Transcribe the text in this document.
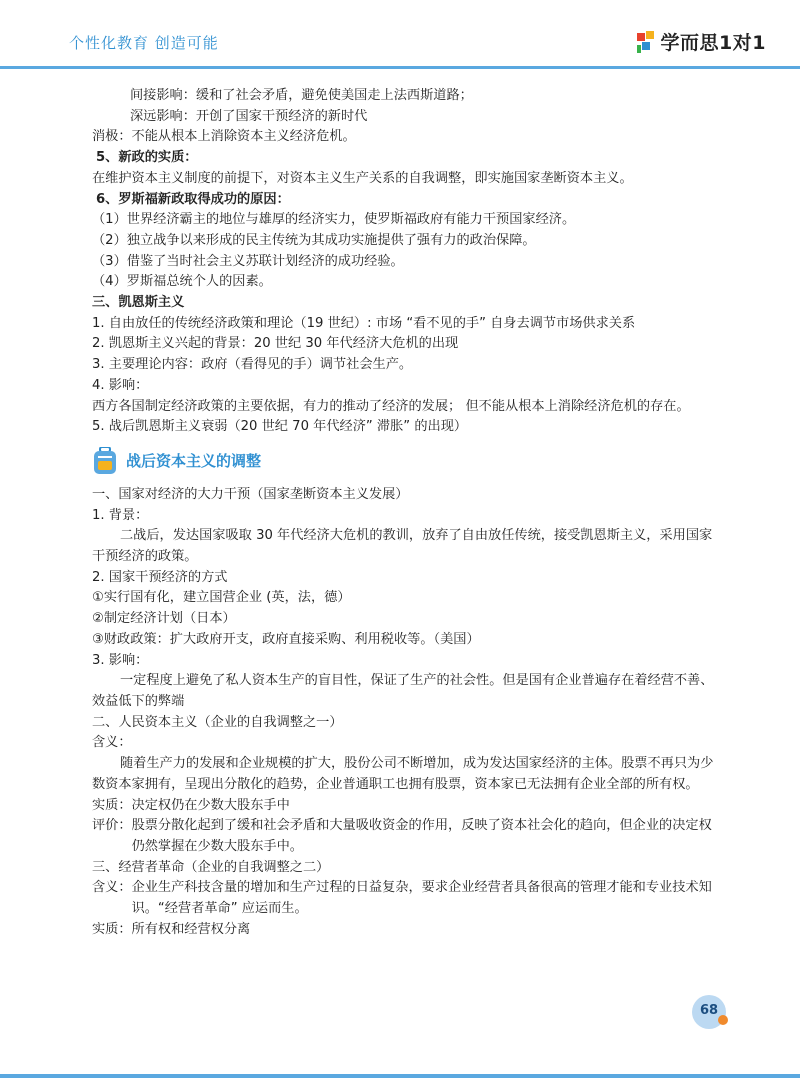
个性化教育 创造可能	学而思1对1

间接影响：缓和了社会矛盾，避免使美国走上法西斯道路；

深远影响：开创了国家干预经济的新时代

消极：不能从根本上消除资本主义经济危机。

5、新政的实质：

在维护资本主义制度的前提下，对资本主义生产关系的自我调整，即实施国家垄断资本主义。

6、罗斯福新政取得成功的原因：

（1）世界经济霸主的地位与雄厚的经济实力，使罗斯福政府有能力干预国家经济。

（2）独立战争以来形成的民主传统为其成功实施提供了强有力的政治保障。

（3）借鉴了当时社会主义苏联计划经济的成功经验。

（4）罗斯福总统个人的因素。

三、凯恩斯主义

1. 自由放任的传统经济政策和理论（19 世纪）: 市场 “看不见的手” 自身去调节市场供求关系

2. 凯恩斯主义兴起的背景：20 世纪 30 年代经济大危机的出现

3. 主要理论内容：政府（看得见的手）调节社会生产。

4. 影响：

西方各国制定经济政策的主要依据，有力的推动了经济的发展； 但不能从根本上消除经济危机的存在。

5. 战后凯恩斯主义衰弱（20 世纪 70 年代经济” 滞胀” 的出现）

战后资本主义的调整

一、国家对经济的大力干预（国家垄断资本主义发展）

1. 背景：

二战后，发达国家吸取 30 年代经济大危机的教训，放弃了自由放任传统，接受凯恩斯主义，采用国家干预经济的政策。

2. 国家干预经济的方式

①实行国有化，建立国营企业 (英，法，德）

②制定经济计划（日本）

③财政政策：扩大政府开支，政府直接采购、利用税收等。（美国）

3. 影响：

一定程度上避免了私人资本生产的盲目性，保证了生产的社会性。但是国有企业普遍存在着经营不善、效益低下的弊端

二、人民资本主义（企业的自我调整之一）

含义：

随着生产力的发展和企业规模的扩大，股份公司不断增加，成为发达国家经济的主体。股票不再只为少数资本家拥有，呈现出分散化的趋势，企业普通职工也拥有股票，资本家已无法拥有企业全部的所有权。

实质：决定权仍在少数大股东手中

评价： 股票分散化起到了缓和社会矛盾和大量吸收资金的作用，反映了资本社会化的趋向，但企业的决定权仍然掌握在少数大股东手中。

三、经营者革命（企业的自我调整之二）

含义： 企业生产科技含量的增加和生产过程的日益复杂，要求企业经营者具备很高的管理才能和专业技术知识。“经营者革命” 应运而生。

实质：所有权和经营权分离

68
